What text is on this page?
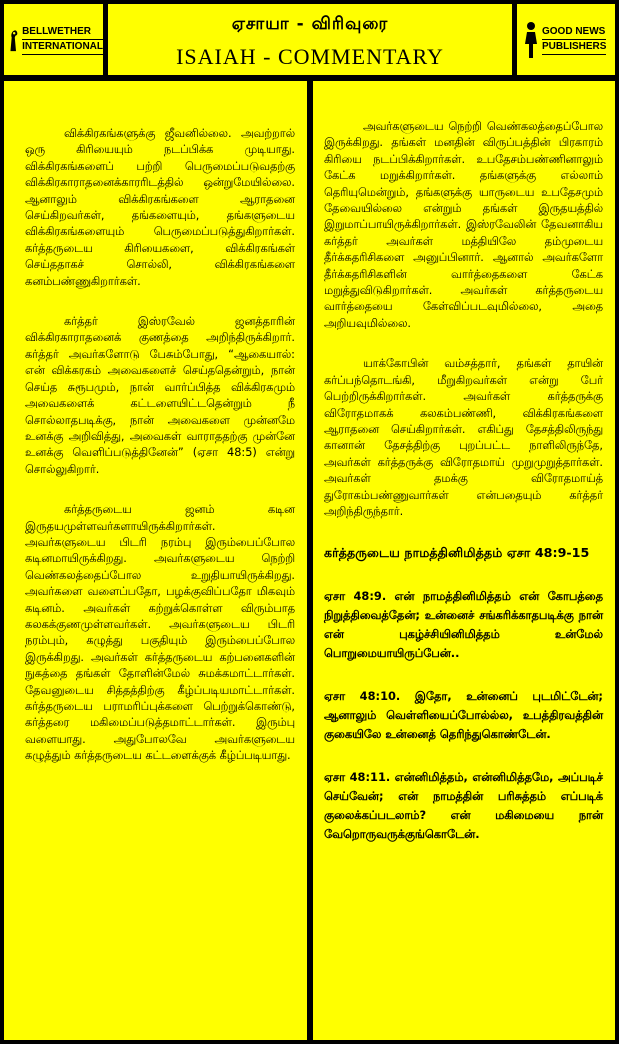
BELLWETHER
INTERNATIONAL
ஏசாயா - விரிவுரை
ISAIAH - COMMENTARY
GOOD NEWS
PUBLISHERS

விக்கிரகங்களுக்கு ஜீவனில்லை. அவற்றால் ஒரு கிரியையும் நடப்பிக்க முடியாது. விக்கிரகங்களைப் பற்றி பெருமைப்படுவதற்கு விக்கிரகாராதனைக்காரரிடத்தில் ஒன்றுமேயில்லை. ஆனாலும் விக்கிரகங்களை ஆராதனை செய்கிறவர்கள், தங்களையும், தங்களுடைய விக்கிரகங்களையும் பெருமைப்படுத்துகிறார்கள். கர்த்தருடைய கிரியைகளை, விக்கிரகங்கள் செய்ததாகச் சொல்லி, விக்கிரகங்களை கனம்பண்ணுகிறார்கள்.

கர்த்தர் இஸ்ரவேல் ஜனத்தாரின் விக்கிரகாராதனைக் குணத்தை அறிந்திருக்கிறார். கர்த்தர் அவர்களோடு பேசும்போது, “ஆகையால்: என் விக்கரகம் அவைகளைச் செய்ததென்றும், நான் செய்த சுரூபமும், நான் வார்ப்பித்த விக்கிரகமும் அவைகளைக் கட்டளையிட்டதென்றும் நீ சொல்லாதபடிக்கு, நான் அவைகளை முன்னமே உனக்கு அறிவித்து, அவைகள் வாராததற்கு முன்னே உனக்கு வெளிப்படுத்தினேன்” (ஏசா 48:5) என்று சொல்லுகிறார்.

கர்த்தருடைய ஜனம் கடின இருதயமுள்ளவர்களாயிருக்கிறார்கள். அவர்களுடைய பிடரி நரம்பு இரும்பைப்போல கடினமாயிருக்கிறது. அவர்களுடைய நெற்றி வெண்கலத்தைப்போல உறுதியாயிருக்கிறது. அவர்களை வளைப்பதோ, பழக்குவிப்பதோ மிகவும் கடினம். அவர்கள் கற்றுக்கொள்ள விரும்பாத கலகக்குணமுள்ளவர்கள். அவர்களுடைய பிடரி நரம்பும், கழுத்து பகுதியும் இரும்பைப்போல இருக்கிறது. அவர்கள் கர்த்தருடைய கற்பனைகளின் நுகத்தை தங்கள் தோளின்மேல் சுமக்கமாட்டார்கள். தேவனுடைய சித்தத்திற்கு கீழ்ப்படியமாட்டார்கள். கர்த்தருடைய பராமரிப்புக்களை பெற்றுக்கொண்டு, கர்த்தரை மகிமைப்படுத்தமாட்டார்கள். இரும்பு வளையாது. அதுபோலவே அவர்களுடைய கழுத்தும் கர்த்தருடைய கட்டளைக்குக் கீழ்ப்படியாது.

அவர்களுடைய நெற்றி வெண்கலத்தைப்போல இருக்கிறது. தங்கள் மனதின் விருப்பத்தின் பிரகாரம் கிரியை நடப்பிக்கிறார்கள். உபதேசம்பண்ணினாலும் கேட்க மறுக்கிறார்கள். தங்களுக்கு எல்லாம் தெரியுமென்றும், தங்களுக்கு யாருடைய உபதேசமும் தேவையில்லை என்றும் தங்கள் இருதயத்தில் இறுமாப்பாயிருக்கிறார்கள். இஸ்ரவேலின் தேவனாகிய கர்த்தர் அவர்கள் மத்தியிலே தம்முடைய தீர்க்கதரிசிகளை அனுப்பினார். ஆனால் அவர்களோ தீர்க்கதரிசிகளின் வார்த்தைகளை கேட்க மறுத்துவிடுகிறார்கள். அவர்கள் கர்த்தருடைய வார்த்தையை கேள்விப்படவுமில்லை, அதை அறியவுமில்லை.

யாக்கோபின் வம்சத்தார், தங்கள் தாயின் கர்ப்பந்தொடங்கி, மீறுகிறவர்கள் என்று பேர் பெற்றிருக்கிறார்கள். அவர்கள் கர்த்தருக்கு விரோதமாகக் கலகம்பண்ணி, விக்கிரகங்களை ஆராதனை செய்கிறார்கள். எகிப்து தேசத்திலிருந்து கானான் தேசத்திற்கு புறப்பட்ட நாளிலிருந்தே, அவர்கள் கர்த்தருக்கு விரோதமாய் முறுமுறுத்தார்கள். அவர்கள் தமக்கு விரோதமாய்த் துரோகம்பண்ணுவார்கள் என்பதையும் கர்த்தர் அறிந்திருந்தார்.

கர்த்தருடைய நாமத்தினிமித்தம் ஏசா 48:9-15

ஏசா 48:9. என் நாமத்தினிமித்தம் என் கோபத்தை நிறுத்திவைத்தேன்; உன்னைச் சங்கரிக்காதபடிக்கு நான் என் புகழ்ச்சியினிமித்தம் உன்மேல் பொறுமையாயிருப்பேன்..

ஏசா 48:10. இதோ, உன்னைப் புடமிட்டேன்; ஆனாலும் வெள்ளியைப்போல்ல்ல, உபத்திரவத்தின் குகையிலே உன்னைத் தெரிந்துகொண்டேன்.

ஏசா 48:11. என்னிமித்தம், என்னிமித்தமே, அப்படிச் செய்வேன்; என் நாமத்தின் பரிசுத்தம் எப்படிக் குலைக்கப்படலாம்? என் மகிமையை நான் வேறொருவருக்குங்கொடேன்.
